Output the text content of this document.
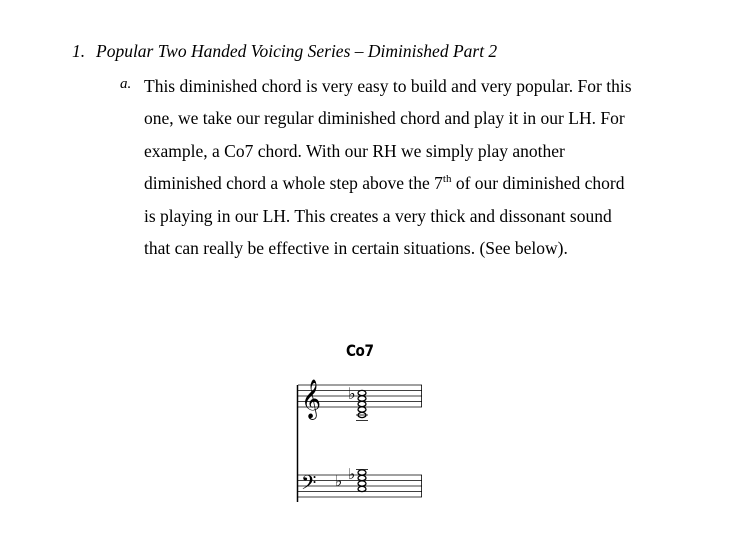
1. Popular Two Handed Voicing Series – Diminished Part 2
a. This diminished chord is very easy to build and very popular. For this
one, we take our regular diminished chord and play it in our LH. For
example, a Co7 chord. With our RH we simply play another
diminished chord a whole step above the 7th of our diminished chord
is playing in our LH. This creates a very thick and dissonant sound
that can really be effective in certain situations. (See below).
Co7
𝄞 ♭
𝄢 ♭ ♭
